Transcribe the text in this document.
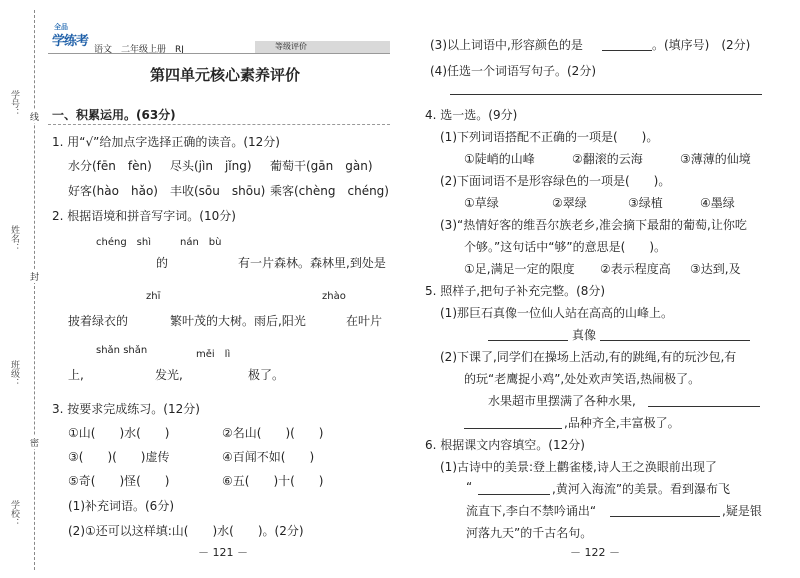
学号：
姓名：
班级：
学校：
线
封
密
全品
学练考
语文　二年级上册　RJ	等级评价
第四单元核心素养评价
一、积累运用。(63分)
1. 用“√”给加点字选择正确的读音。(12分)
水分(fēn　fèn) 尽头(jìn　jǐng) 葡萄干(gān　gàn)
好客(hào　hǎo) 丰收(sōu　shōu) 乘客(chèng　chéng)
2. 根据语境和拼音写字词。(10分)
chéng　shì	nán　bù
的	有一片森林。森林里,到处是
zhī	zhào
披着绿衣的	繁叶茂的大树。雨后,阳光	在叶片
shǎn shǎn	měi　lì
上,	发光,	极了。
3. 按要求完成练习。(12分)
①山(　　)水(　　)	②名山(　　)(　　)
③(　　)(　　)虚传	④百闻不如(　　)
⑤奇(　　)怪(　　)	⑥五(　　)十(　　)
(1)补充词语。(6分)
(2)①还可以这样填:山(　　)水(　　)。(2分)
－ 121 －
(3)以上词语中,形容颜色的是	。(填序号)　(2分)
(4)任选一个词语写句子。(2分)
4. 选一选。(9分)
(1)下列词语搭配不正确的一项是(　　)。
①陡峭的山峰	②翻滚的云海	③薄薄的仙境
(2)下面词语不是形容绿色的一项是(　　)。
①草绿	②翠绿	③绿植	④墨绿
(3)“热情好客的维吾尔族老乡,准会摘下最甜的葡萄,让你吃
个够。”这句话中“够”的意思是(　　)。
①足,满足一定的限度 ②表示程度高 ③达到,及
5. 照样子,把句子补充完整。(8分)
(1)那巨石真像一位仙人站在高高的山峰上。
真像
(2)下课了,同学们在操场上活动,有的跳绳,有的玩沙包,有
的玩“老鹰捉小鸡”,处处欢声笑语,热闹极了。
水果超市里摆满了各种水果,
,品种齐全,丰富极了。
6. 根据课文内容填空。(12分)
(1)古诗中的美景:登上鹳雀楼,诗人王之涣眼前出现了
“	,黄河入海流”的美景。看到瀑布飞
流直下,李白不禁吟诵出“	,疑是银
河落九天”的千古名句。
－ 122 －
